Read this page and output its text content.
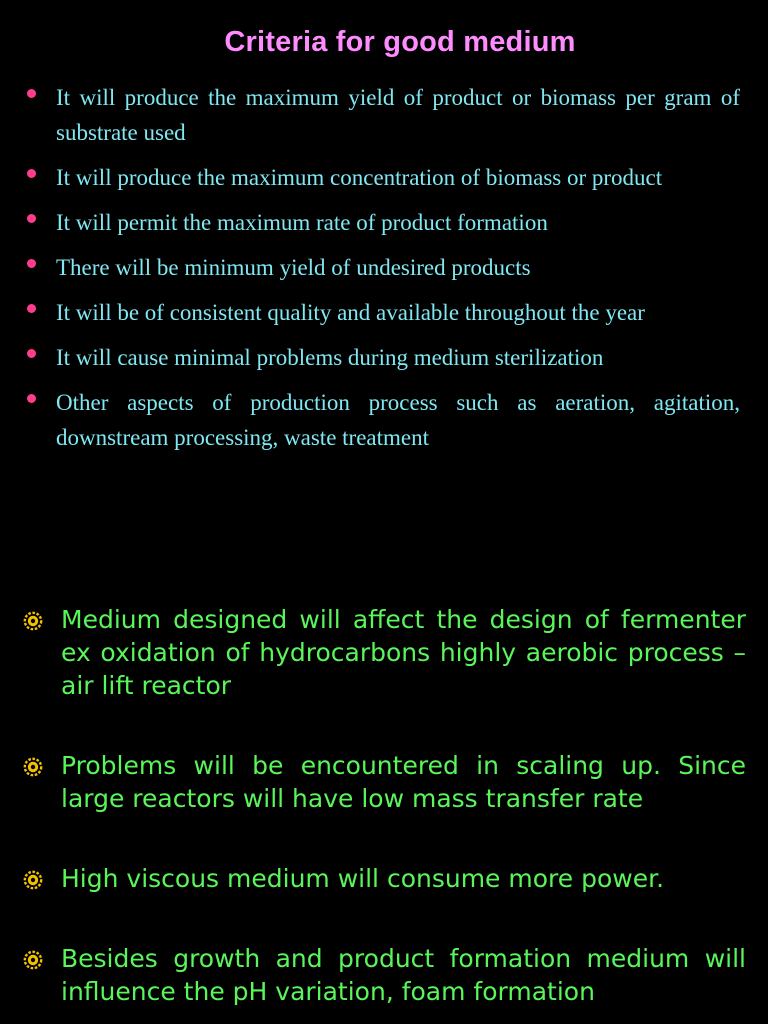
Criteria for good medium
It will produce the maximum yield of product or biomass per gram of substrate used
It will produce the maximum concentration of biomass or product
It will permit the maximum rate of product formation
There will be minimum yield of undesired products
It will be of consistent quality and available throughout the year
It will cause minimal problems during medium sterilization
Other aspects of production process such as aeration, agitation, downstream processing, waste treatment
Medium designed will affect the design of fermenter ex oxidation of hydrocarbons highly aerobic process –air lift reactor
Problems will be encountered in scaling up. Since large reactors will have low mass transfer rate
High viscous medium will consume more power.
Besides growth and product formation medium will influence the pH variation, foam formation
